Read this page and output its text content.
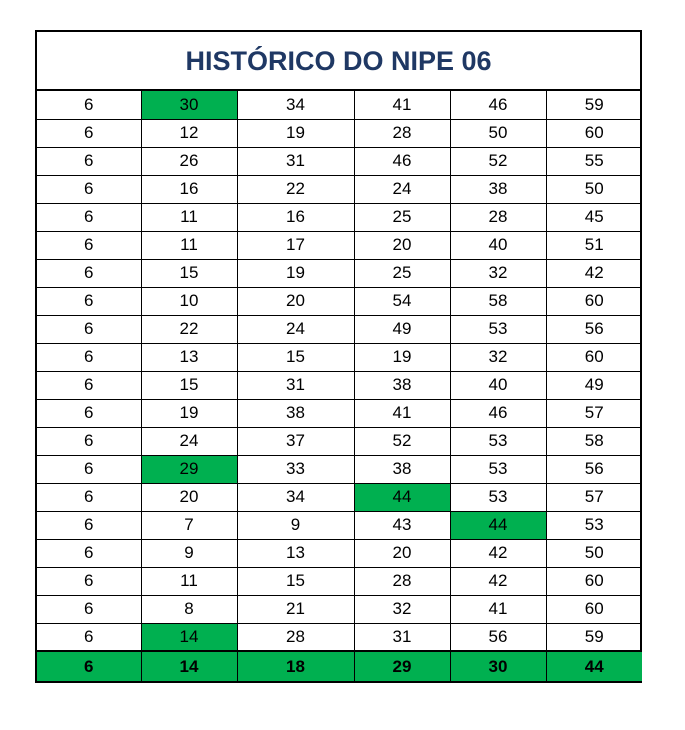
HISTÓRICO DO NIPE 06
6	30	34	41	46	59
6	12	19	28	50	60
6	26	31	46	52	55
6	16	22	24	38	50
6	11	16	25	28	45
6	11	17	20	40	51
6	15	19	25	32	42
6	10	20	54	58	60
6	22	24	49	53	56
6	13	15	19	32	60
6	15	31	38	40	49
6	19	38	41	46	57
6	24	37	52	53	58
6	29	33	38	53	56
6	20	34	44	53	57
6	7	9	43	44	53
6	9	13	20	42	50
6	11	15	28	42	60
6	8	21	32	41	60
6	14	28	31	56	59
6	14	18	29	30	44
